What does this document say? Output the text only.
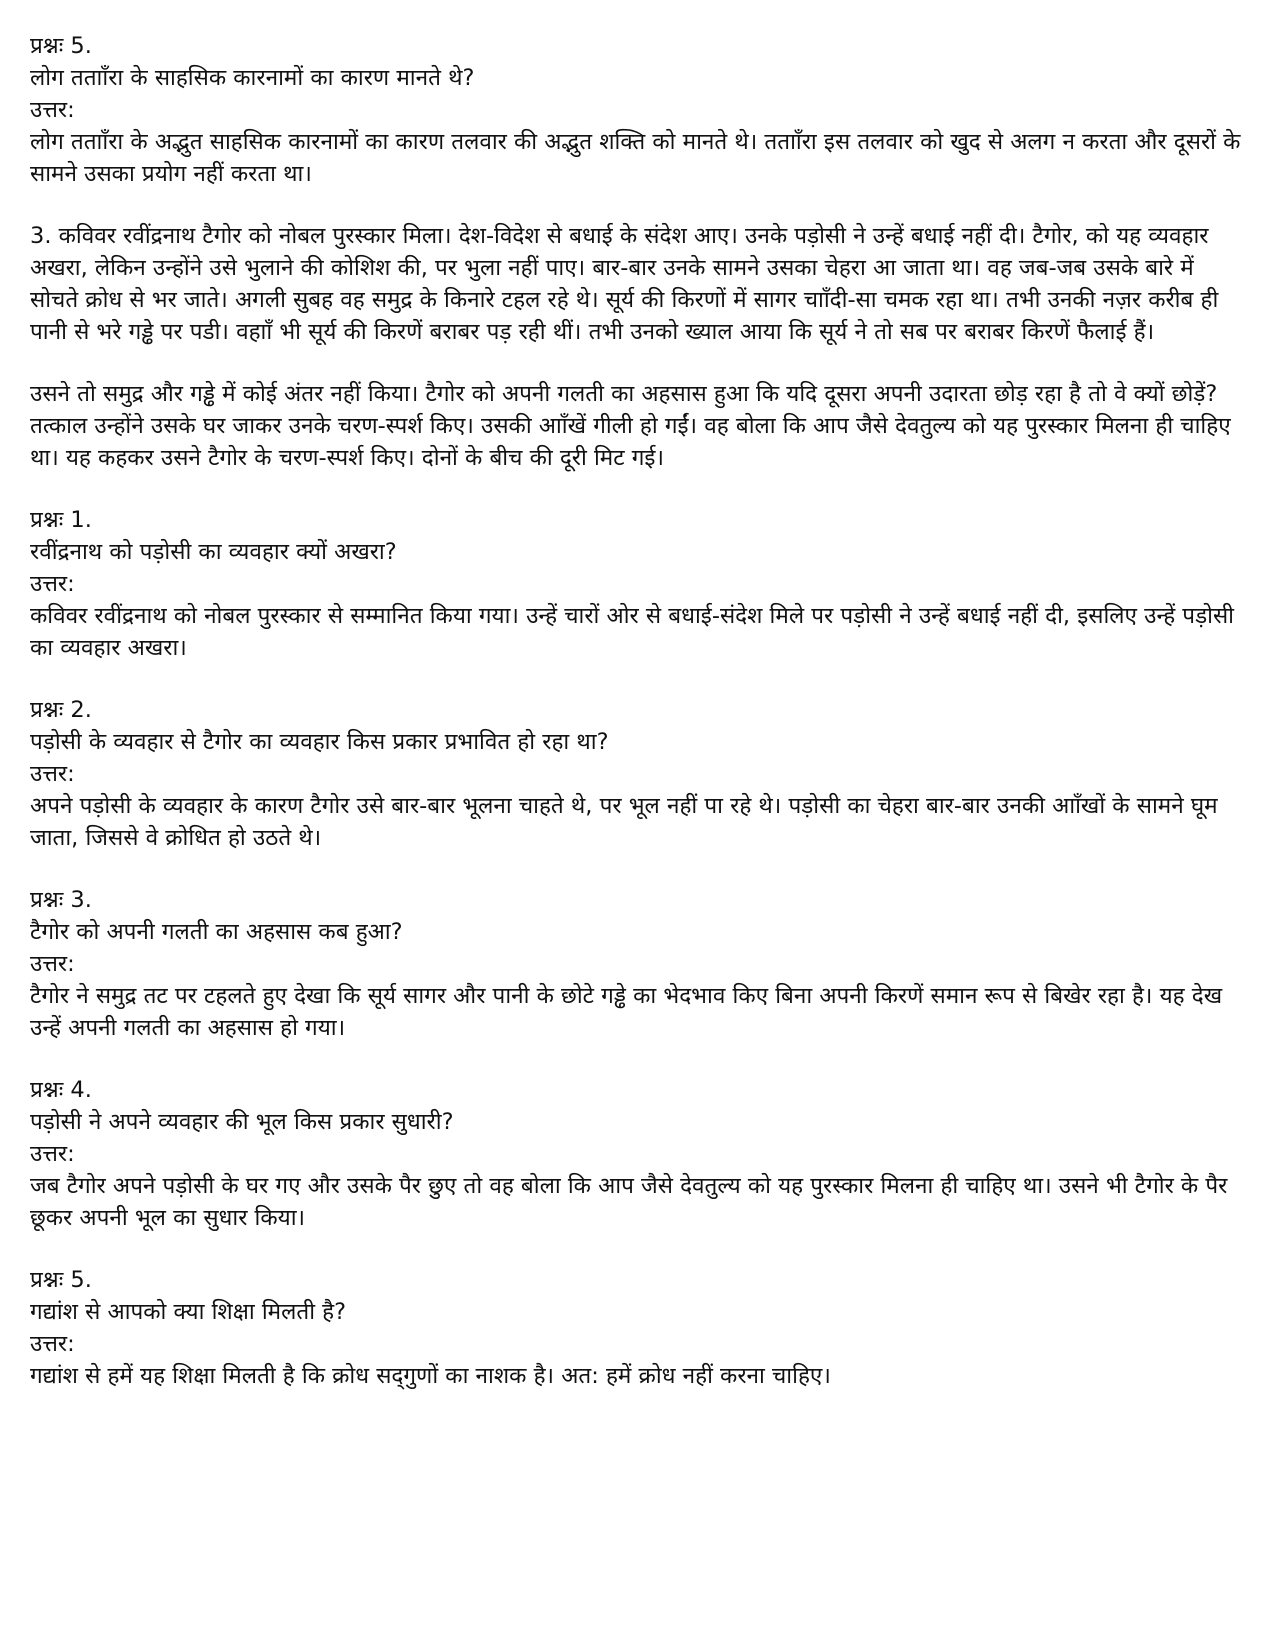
प्रश्नः 5.
लोग ततााँरा के साहसिक कारनामों का कारण मानते थे?
उत्तर:
लोग ततााँरा के अद्भुत साहसिक कारनामों का कारण तलवार की अद्भुत शक्ति को मानते थे। ततााँरा इस तलवार को खुद से अलग न करता और दूसरों के सामने उसका प्रयोग नहीं करता था।
3. कविवर रवींद्रनाथ टैगोर को नोबल पुरस्कार मिला। देश-विदेश से बधाई के संदेश आए। उनके पड़ोसी ने उन्हें बधाई नहीं दी। टैगोर, को यह व्यवहार अखरा, लेकिन उन्होंने उसे भुलाने की कोशिश की, पर भुला नहीं पाए। बार-बार उनके सामने उसका चेहरा आ जाता था। वह जब-जब उसके बारे में सोचते क्रोध से भर जाते। अगली सुबह वह समुद्र के किनारे टहल रहे थे। सूर्य की किरणों में सागर चााँदी-सा चमक रहा था। तभी उनकी नज़र करीब ही पानी से भरे गड्ढे पर पडी। वहााँ भी सूर्य की किरणें बराबर पड़ रही थीं। तभी उनको ख्याल आया कि सूर्य ने तो सब पर बराबर किरणें फैलाई हैं।
उसने तो समुद्र और गड्ढे में कोई अंतर नहीं किया। टैगोर को अपनी गलती का अहसास हुआ कि यदि दूसरा अपनी उदारता छोड़ रहा है तो वे क्यों छोड़ें? तत्काल उन्होंने उसके घर जाकर उनके चरण-स्पर्श किए। उसकी आाँखें गीली हो गईं। वह बोला कि आप जैसे देवतुल्य को यह पुरस्कार मिलना ही चाहिए था। यह कहकर उसने टैगोर के चरण-स्पर्श किए। दोनों के बीच की दूरी मिट गई।
प्रश्नः 1.
रवींद्रनाथ को पड़ोसी का व्यवहार क्यों अखरा?
उत्तर:
कविवर रवींद्रनाथ को नोबल पुरस्कार से सम्मानित किया गया। उन्हें चारों ओर से बधाई-संदेश मिले पर पड़ोसी ने उन्हें बधाई नहीं दी, इसलिए उन्हें पड़ोसी का व्यवहार अखरा।
प्रश्नः 2.
पड़ोसी के व्यवहार से टैगोर का व्यवहार किस प्रकार प्रभावित हो रहा था?
उत्तर:
अपने पड़ोसी के व्यवहार के कारण टैगोर उसे बार-बार भूलना चाहते थे, पर भूल नहीं पा रहे थे। पड़ोसी का चेहरा बार-बार उनकी आाँखों के सामने घूम जाता, जिससे वे क्रोधित हो उठते थे।
प्रश्नः 3.
टैगोर को अपनी गलती का अहसास कब हुआ?
उत्तर:
टैगोर ने समुद्र तट पर टहलते हुए देखा कि सूर्य सागर और पानी के छोटे गड्ढे का भेदभाव किए बिना अपनी किरणें समान रूप से बिखेर रहा है। यह देख उन्हें अपनी गलती का अहसास हो गया।
प्रश्नः 4.
पड़ोसी ने अपने व्यवहार की भूल किस प्रकार सुधारी?
उत्तर:
जब टैगोर अपने पड़ोसी के घर गए और उसके पैर छुए तो वह बोला कि आप जैसे देवतुल्य को यह पुरस्कार मिलना ही चाहिए था। उसने भी टैगोर के पैर छूकर अपनी भूल का सुधार किया।
प्रश्नः 5.
गद्यांश से आपको क्या शिक्षा मिलती है?
उत्तर:
गद्यांश से हमें यह शिक्षा मिलती है कि क्रोध सद्‌गुणों का नाशक है। अत: हमें क्रोध नहीं करना चाहिए।
